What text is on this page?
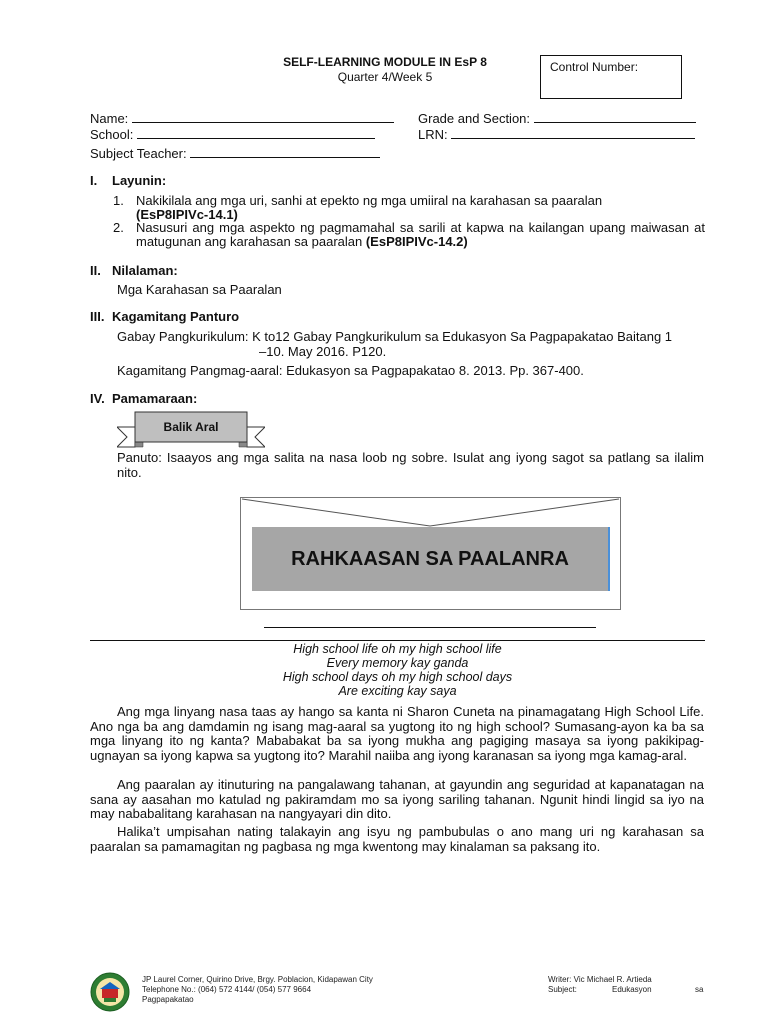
SELF-LEARNING MODULE IN EsP 8
Quarter 4/Week 5
Control Number:
Name:	Grade and Section:
School:	LRN:
Subject Teacher:
I. Layunin:
1. Nakikilala ang mga uri, sanhi at epekto ng mga umiiral na karahasan sa paaralan
(EsP8IPIVc-14.1)
2. Nasusuri ang mga aspekto ng pagmamahal sa sarili at kapwa na kailangan upang maiwasan at matugunan ang karahasan sa paaralan (EsP8IPIVc-14.2)
II. Nilalaman:
Mga Karahasan sa Paaralan
III. Kagamitang Panturo
Gabay Pangkurikulum: K to12 Gabay Pangkurikulum sa Edukasyon Sa Pagpapakatao Baitang 1
–10. May 2016. P120.
Kagamitang Pangmag-aaral: Edukasyon sa Pagpapakatao 8. 2013. Pp. 367-400.
IV. Pamamaraan:
Balik Aral
Panuto: Isaayos ang mga salita na nasa loob ng sobre. Isulat ang iyong sagot sa patlang sa ilalim nito.
RAHKAASAN SA PAALANRA
High school life oh my high school life
Every memory kay ganda
High school days oh my high school days
Are exciting kay saya
Ang mga linyang nasa taas ay hango sa kanta ni Sharon Cuneta na pinamagatang High School Life. Ano nga ba ang damdamin ng isang mag-aaral sa yugtong ito ng high school? Sumasang-ayon ka ba sa mga linyang ito ng kanta? Mababakat ba sa iyong mukha ang pagiging masaya sa iyong pakikipag-ugnayan sa iyong kapwa sa yugtong ito? Marahil naiiba ang iyong karanasan sa iyong mga kamag-aral.
Ang paaralan ay itinuturing na pangalawang tahanan, at gayundin ang seguridad at kapanatagan na sana ay aasahan mo katulad ng pakiramdam mo sa iyong sariling tahanan. Ngunit hindi lingid sa iyo na may nababalitang karahasan na nangyayari din dito.
Halika’t umpisahan nating talakayin ang isyu ng pambubulas o ano mang uri ng karahasan sa paaralan sa pamamagitan ng pagbasa ng mga kwentong may kinalaman sa paksang ito.
JP Laurel Corner, Quirino Drive, Brgy. Poblacion, Kidapawan City
Telephone No.: (064) 572 4144/ (054) 577 9664
Writer: Vic Michael R. Artieda
Subject:	Edukasyon	sa
Pagpapakatao
